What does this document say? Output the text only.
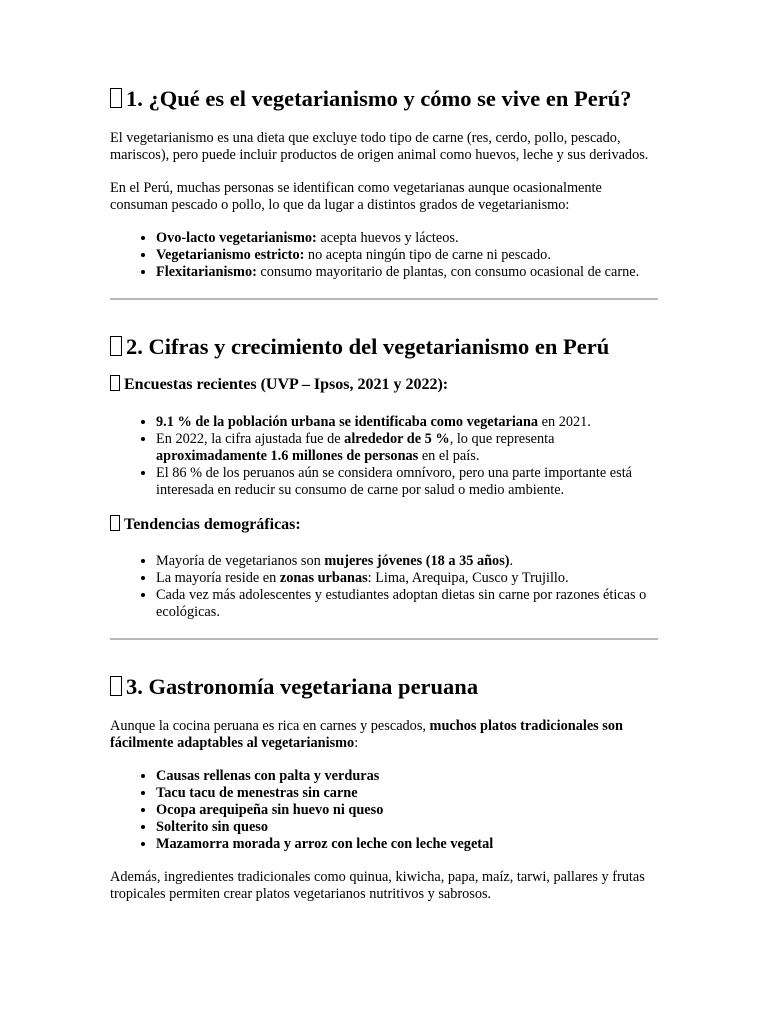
1. ¿Qué es el vegetarianismo y cómo se vive en Perú?

El vegetarianismo es una dieta que excluye todo tipo de carne (res, cerdo, pollo, pescado, mariscos), pero puede incluir productos de origen animal como huevos, leche y sus derivados.

En el Perú, muchas personas se identifican como vegetarianas aunque ocasionalmente consuman pescado o pollo, lo que da lugar a distintos grados de vegetarianismo:

• Ovo-lacto vegetarianismo: acepta huevos y lácteos.
• Vegetarianismo estricto: no acepta ningún tipo de carne ni pescado.
• Flexitarianismo: consumo mayoritario de plantas, con consumo ocasional de carne.
2. Cifras y crecimiento del vegetarianismo en Perú
Encuestas recientes (UVP – Ipsos, 2021 y 2022):
• 9.1 % de la población urbana se identificaba como vegetariana en 2021.
• En 2022, la cifra ajustada fue de alrededor de 5 %, lo que representa aproximadamente 1.6 millones de personas en el país.
• El 86 % de los peruanos aún se considera omnívoro, pero una parte importante está interesada en reducir su consumo de carne por salud o medio ambiente.
Tendencias demográficas:
• Mayoría de vegetarianos son mujeres jóvenes (18 a 35 años).
• La mayoría reside en zonas urbanas: Lima, Arequipa, Cusco y Trujillo.
• Cada vez más adolescentes y estudiantes adoptan dietas sin carne por razones éticas o ecológicas.
3. Gastronomía vegetariana peruana

Aunque la cocina peruana es rica en carnes y pescados, muchos platos tradicionales son fácilmente adaptables al vegetarianismo:

• Causas rellenas con palta y verduras
• Tacu tacu de menestras sin carne
• Ocopa arequipeña sin huevo ni queso
• Solterito sin queso
• Mazamorra morada y arroz con leche con leche vegetal

Además, ingredientes tradicionales como quinua, kiwicha, papa, maíz, tarwi, pallares y frutas tropicales permiten crear platos vegetarianos nutritivos y sabrosos.
